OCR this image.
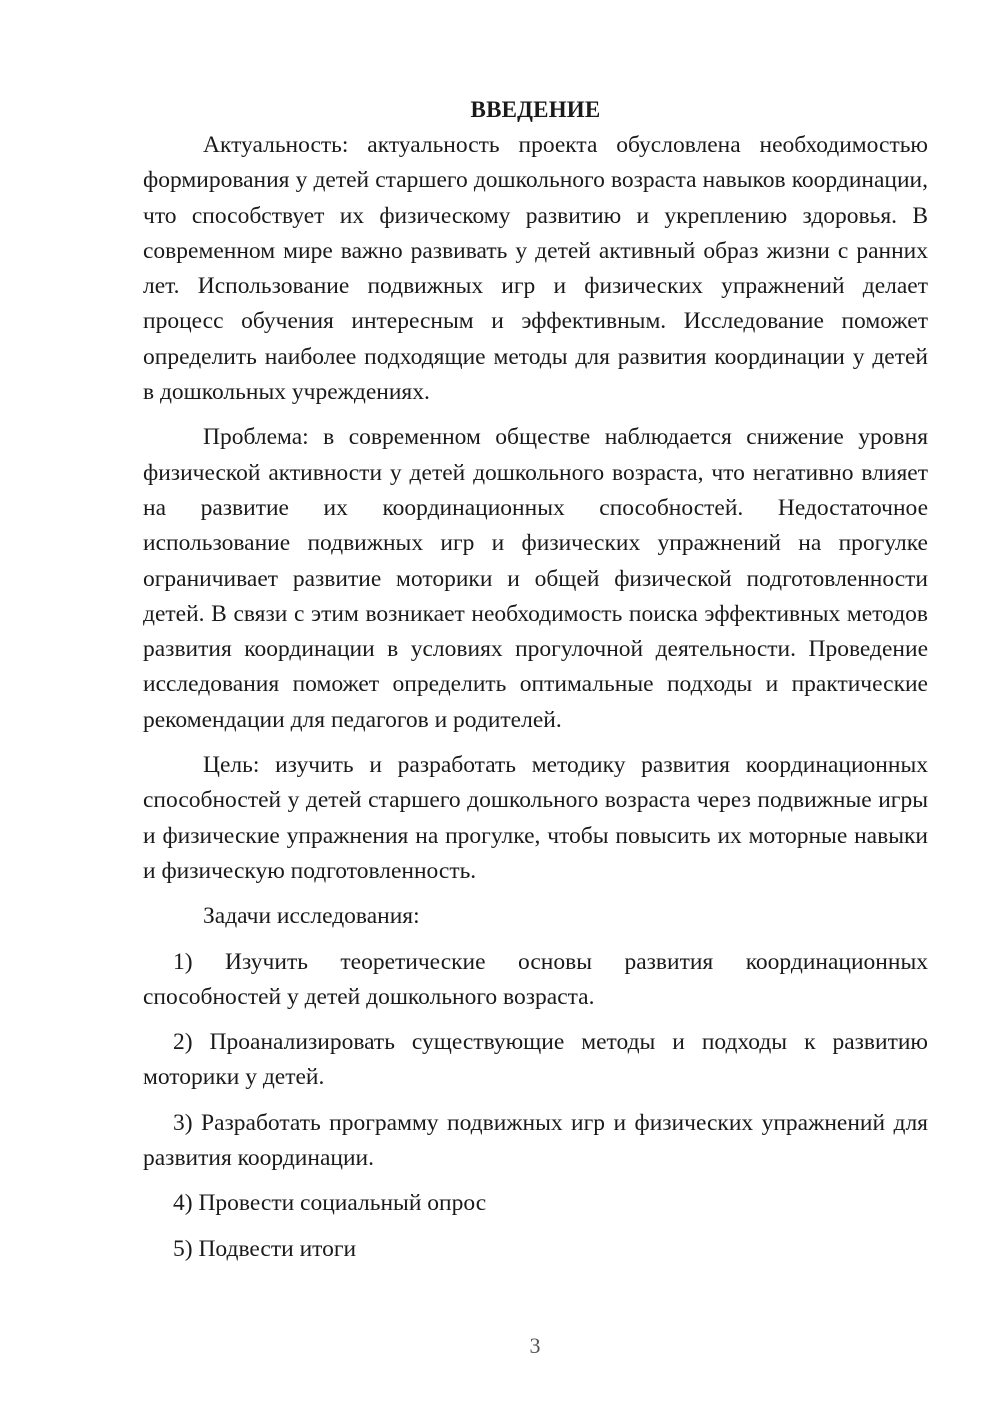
ВВЕДЕНИЕ

Актуальность: актуальность проекта обусловлена необходимостью формирования у детей старшего дошкольного возраста навыков координации, что способствует их физическому развитию и укреплению здоровья. В современном мире важно развивать у детей активный образ жизни с ранних лет. Использование подвижных игр и физических упражнений делает процесс обучения интересным и эффективным. Исследование поможет определить наиболее подходящие методы для развития координации у детей в дошкольных учреждениях.

Проблема: в современном обществе наблюдается снижение уровня физической активности у детей дошкольного возраста, что негативно влияет на развитие их координационных способностей. Недостаточное использование подвижных игр и физических упражнений на прогулке ограничивает развитие моторики и общей физической подготовленности детей. В связи с этим возникает необходимость поиска эффективных методов развития координации в условиях прогулочной деятельности. Проведение исследования поможет определить оптимальные подходы и практические рекомендации для педагогов и родителей.

Цель: изучить и разработать методику развития координационных способностей у детей старшего дошкольного возраста через подвижные игры и физические упражнения на прогулке, чтобы повысить их моторные навыки и физическую подготовленность.

Задачи исследования:

1) Изучить теоретические основы развития координационных способностей у детей дошкольного возраста.

2) Проанализировать существующие методы и подходы к развитию моторики у детей.

3) Разработать программу подвижных игр и физических упражнений для развития координации.

4) Провести социальный опрос

5) Подвести итоги

3
